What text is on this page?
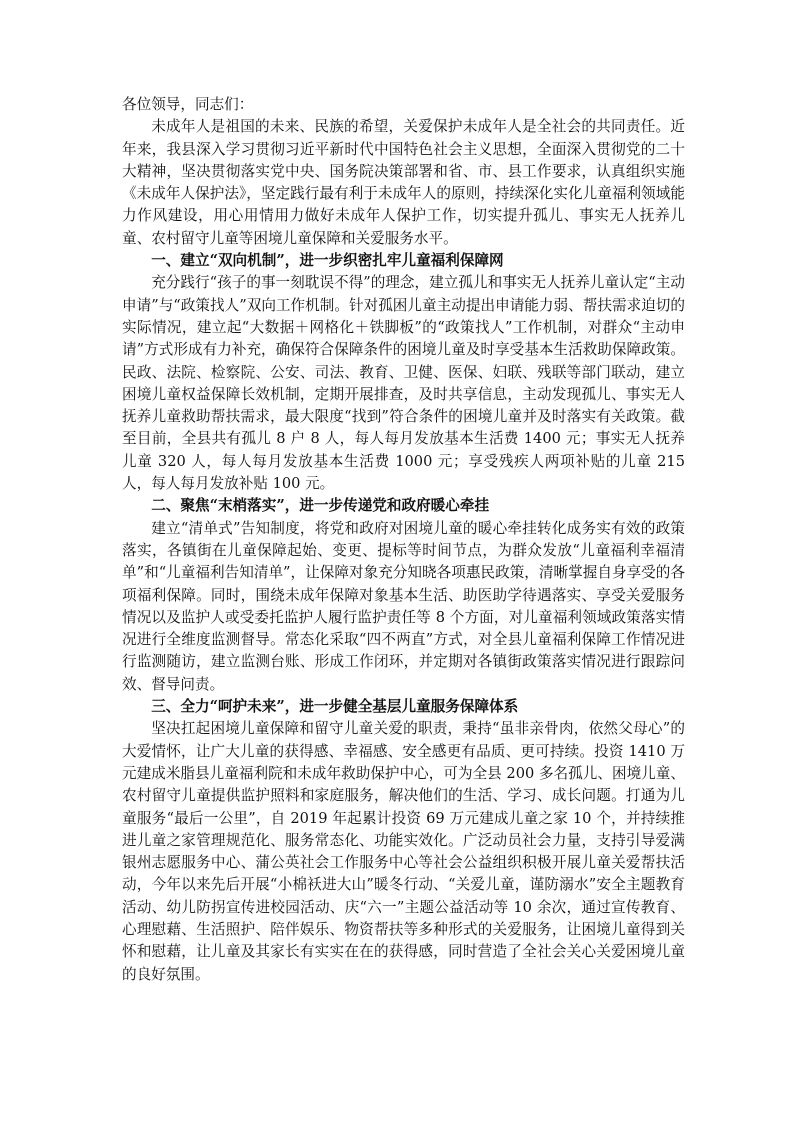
各位领导，同志们：

未成年人是祖国的未来、民族的希望，关爱保护未成年人是全社会的共同责任。近年来，我县深入学习贯彻习近平新时代中国特色社会主义思想，全面深入贯彻党的二十大精神，坚决贯彻落实党中央、国务院决策部署和省、市、县工作要求，认真组织实施《未成年人保护法》，坚定践行最有利于未成年人的原则，持续深化实化儿童福利领域能力作风建设，用心用情用力做好未成年人保护工作，切实提升孤儿、事实无人抚养儿童、农村留守儿童等困境儿童保障和关爱服务水平。

一、建立“双向机制”，进一步织密扎牢儿童福利保障网

充分践行“孩子的事一刻耽误不得”的理念，建立孤儿和事实无人抚养儿童认定“主动申请”与“政策找人”双向工作机制。针对孤困儿童主动提出申请能力弱、帮扶需求迫切的实际情况，建立起“大数据＋网格化＋铁脚板”的“政策找人”工作机制，对群众“主动申请”方式形成有力补充，确保符合保障条件的困境儿童及时享受基本生活救助保障政策。民政、法院、检察院、公安、司法、教育、卫健、医保、妇联、残联等部门联动，建立困境儿童权益保障长效机制，定期开展排查，及时共享信息，主动发现孤儿、事实无人抚养儿童救助帮扶需求，最大限度“找到”符合条件的困境儿童并及时落实有关政策。截至目前，全县共有孤儿 8 户 8 人，每人每月发放基本生活费 1400 元；事实无人抚养儿童 320 人，每人每月发放基本生活费 1000 元；享受残疾人两项补贴的儿童 215 人，每人每月发放补贴 100 元。

二、聚焦“末梢落实”，进一步传递党和政府暖心牵挂

建立“清单式”告知制度，将党和政府对困境儿童的暖心牵挂转化成务实有效的政策落实，各镇街在儿童保障起始、变更、提标等时间节点，为群众发放“儿童福利幸福清单”和“儿童福利告知清单”，让保障对象充分知晓各项惠民政策，清晰掌握自身享受的各项福利保障。同时，围绕未成年保障对象基本生活、助医助学待遇落实、享受关爱服务情况以及监护人或受委托监护人履行监护责任等 8 个方面，对儿童福利领域政策落实情况进行全维度监测督导。常态化采取“四不两直”方式，对全县儿童福利保障工作情况进行监测随访，建立监测台账、形成工作闭环，并定期对各镇街政策落实情况进行跟踪问效、督导问责。

三、全力“呵护未来”，进一步健全基层儿童服务保障体系

坚决扛起困境儿童保障和留守儿童关爱的职责，秉持“虽非亲骨肉，依然父母心”的大爱情怀，让广大儿童的获得感、幸福感、安全感更有品质、更可持续。投资 1410 万元建成米脂县儿童福利院和未成年救助保护中心，可为全县 200 多名孤儿、困境儿童、农村留守儿童提供监护照料和家庭服务，解决他们的生活、学习、成长问题。打通为儿童服务“最后一公里”，自 2019 年起累计投资 69 万元建成儿童之家 10 个，并持续推进儿童之家管理规范化、服务常态化、功能实效化。广泛动员社会力量，支持引导爱满银州志愿服务中心、蒲公英社会工作服务中心等社会公益组织积极开展儿童关爱帮扶活动，今年以来先后开展“小棉袄进大山”暖冬行动、“关爱儿童，谨防溺水”安全主题教育活动、幼儿防拐宣传进校园活动、庆“六一”主题公益活动等 10 余次，通过宣传教育、心理慰藉、生活照护、陪伴娱乐、物资帮扶等多种形式的关爱服务，让困境儿童得到关怀和慰藉，让儿童及其家长有实实在在的获得感，同时营造了全社会关心关爱困境儿童的良好氛围。
